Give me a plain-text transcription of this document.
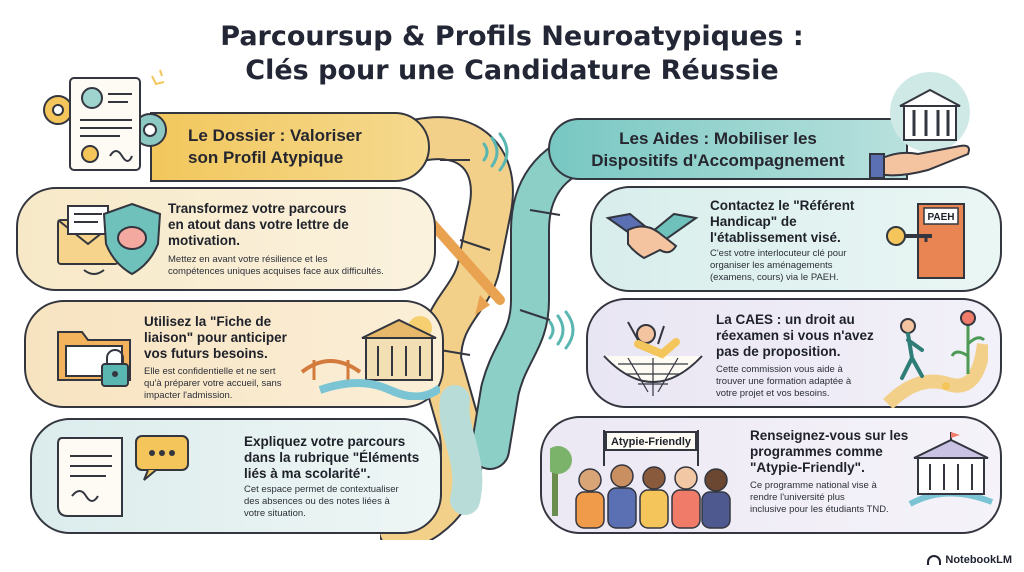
Parcoursup & Profils Neuroatypiques :
Clés pour une Candidature Réussie
Le Dossier : Valoriser
son Profil Atypique
Transformez votre parcours
en atout dans votre lettre de
motivation.
Mettez en avant votre résilience et les
compétences uniques acquises face aux difficultés.
Utilisez la "Fiche de
liaison" pour anticiper
vos futurs besoins.
Elle est confidentielle et ne sert
qu'à préparer votre accueil, sans
impacter l'admission.
Expliquez votre parcours
dans la rubrique "Éléments
liés à ma scolarité".
Cet espace permet de contextualiser
des absences ou des notes liées à
votre situation.
Les Aides : Mobiliser les
Dispositifs d'Accompagnement
Contactez le "Référent
Handicap" de
l'établissement visé.
C'est votre interlocuteur clé pour
organiser les aménagements
(examens, cours) via le PAEH.
PAEH
La CAES : un droit au
réexamen si vous n'avez
pas de proposition.
Cette commission vous aide à
trouver une formation adaptée à
votre projet et vos besoins.
Atypie-Friendly	Renseignez-vous sur les
programmes comme
"Atypie-Friendly".
Ce programme national vise à
rendre l'université plus
inclusive pour les étudiants TND.
NotebookLM
